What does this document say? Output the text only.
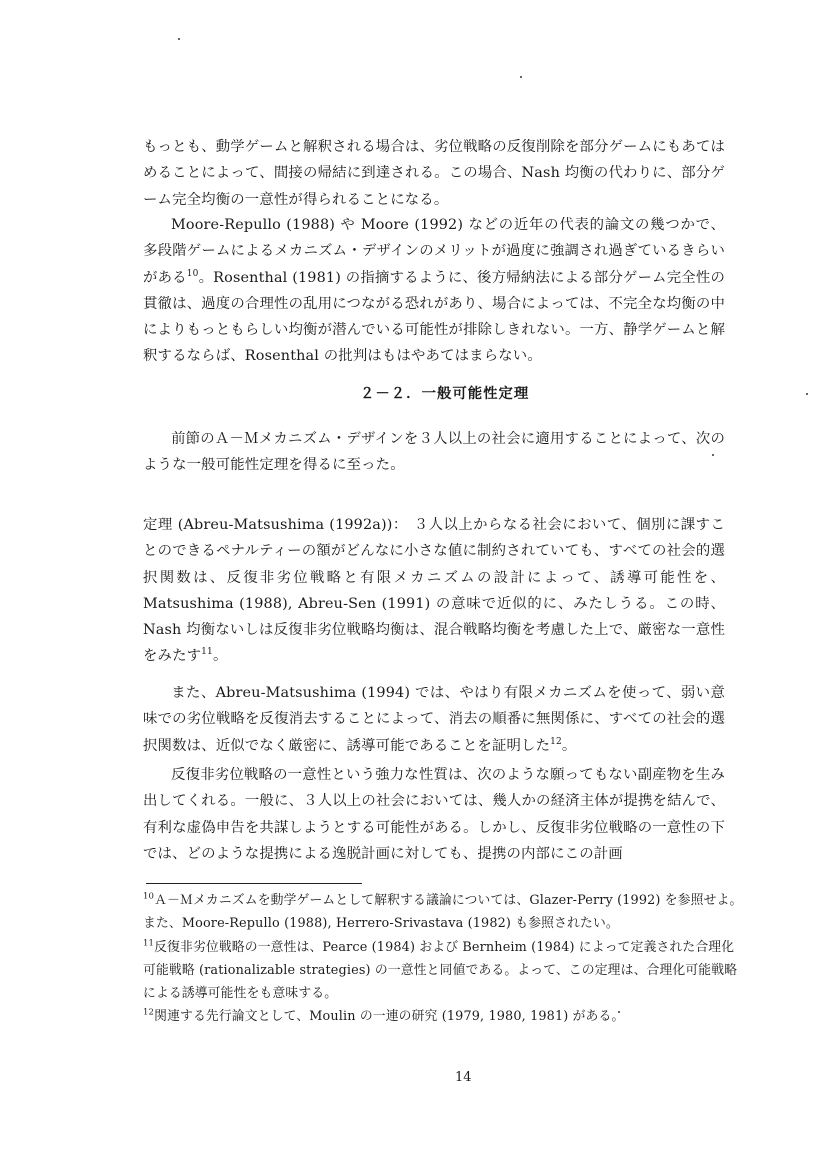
もっとも、動学ゲームと解釈される場合は、劣位戦略の反復削除を部分ゲームにもあてはめることによって、間接の帰結に到達される。この場合、Nash 均衡の代わりに、部分ゲーム完全均衡の一意性が得られることになる。

Moore-Repullo (1988) や Moore (1992) などの近年の代表的論文の幾つかで、多段階ゲームによるメカニズム・デザインのメリットが過度に強調され過ぎているきらいがある$^{10}$。Rosenthal (1981) の指摘するように、後方帰納法による部分ゲーム完全性の貫徹は、過度の合理性の乱用につながる恐れがあり、場合によっては、不完全な均衡の中によりもっともらしい均衡が潜んでいる可能性が排除しきれない。一方、静学ゲームと解釈するならば、Rosenthal の批判はもはやあてはまらない。

２－２．一般可能性定理

前節のＡ－Ｍメカニズム・デザインを３人以上の社会に適用することによって、次のような一般可能性定理を得るに至った。

定理 (Abreu-Matsushima (1992a))： ３人以上からなる社会において、個別に課すことのできるペナルティーの額がどんなに小さな値に制約されていても、すべての社会的選択関数は、反復非劣位戦略と有限メカニズムの設計によって、誘導可能性を、Matsushima (1988), Abreu-Sen (1991) の意味で近似的に、みたしうる。この時、Nash 均衡ないしは反復非劣位戦略均衡は、混合戦略均衡を考慮した上で、厳密な一意性をみたす$^{11}$。

また、Abreu-Matsushima (1994) では、やはり有限メカニズムを使って、弱い意味での劣位戦略を反復消去することによって、消去の順番に無関係に、すべての社会的選択関数は、近似でなく厳密に、誘導可能であることを証明した$^{12}$。

反復非劣位戦略の一意性という強力な性質は、次のような願ってもない副産物を生み出してくれる。一般に、３人以上の社会においては、幾人かの経済主体が提携を結んで、有利な虚偽申告を共謀しようとする可能性がある。しかし、反復非劣位戦略の一意性の下では、どのような提携による逸脱計画に対しても、提携の内部にこの計画

$^{10}$Ａ－Ｍメカニズムを動学ゲームとして解釈する議論については、Glazer-Perry (1992) を参照せよ。また、Moore-Repullo (1988), Herrero-Srivastava (1982) も参照されたい。

$^{11}$反復非劣位戦略の一意性は、Pearce (1984) および Bernheim (1984) によって定義された合理化可能戦略 (rationalizable strategies) の一意性と同値である。よって、この定理は、合理化可能戦略による誘導可能性をも意味する。

$^{12}$関連する先行論文として、Moulin の一連の研究 (1979, 1980, 1981) がある。

14
